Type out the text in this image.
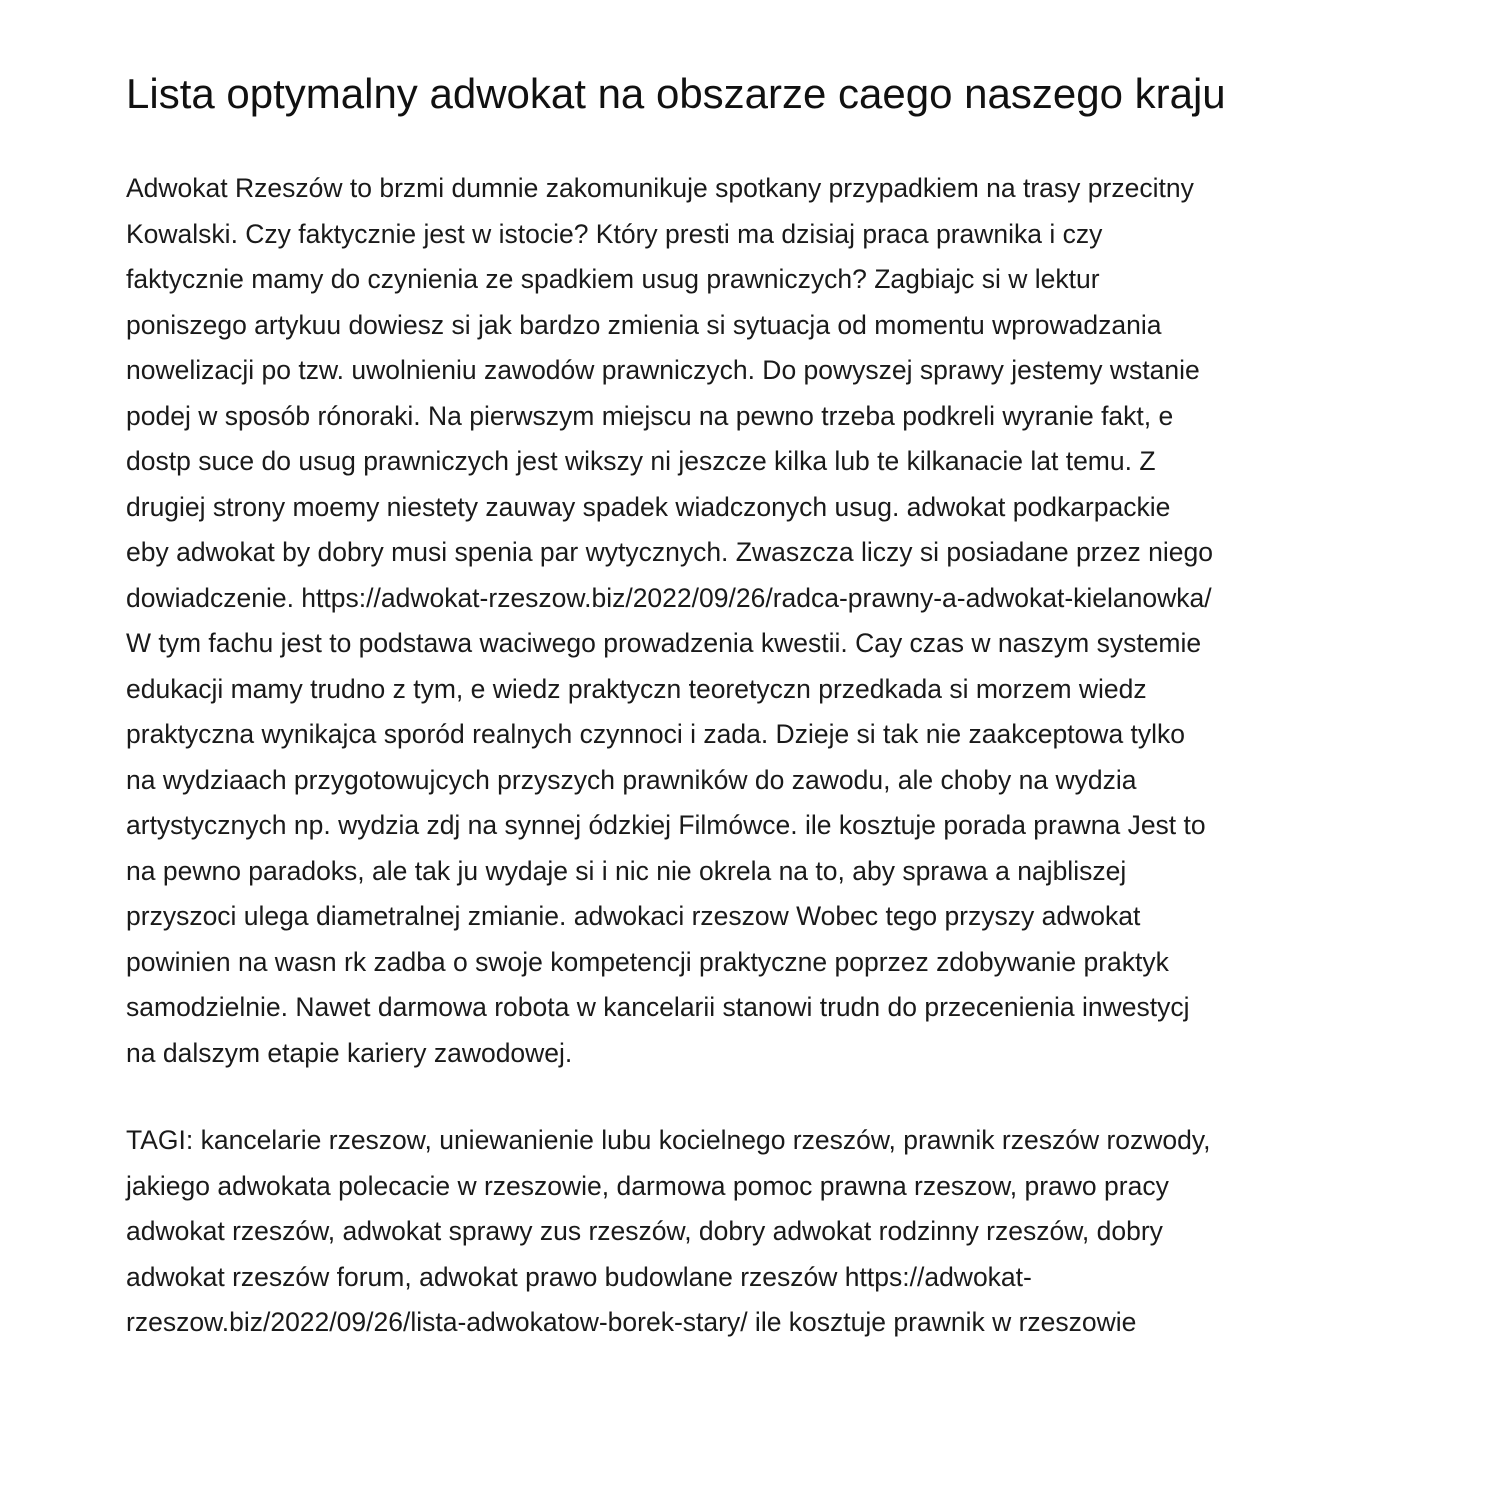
Lista optymalny adwokat na obszarze caego naszego kraju
Adwokat Rzeszów to brzmi dumnie zakomunikuje spotkany przypadkiem na trasy przecitny
Kowalski. Czy faktycznie jest w istocie? Który presti ma dzisiaj praca prawnika i czy
faktycznie mamy do czynienia ze spadkiem usug prawniczych? Zagbiajc si w lektur
poniszego artykuu dowiesz si jak bardzo zmienia si sytuacja od momentu wprowadzania
nowelizacji po tzw. uwolnieniu zawodów prawniczych. Do powyszej sprawy jestemy wstanie
podej w sposób rónoraki. Na pierwszym miejscu na pewno trzeba podkreli wyranie fakt, e
dostp suce do usug prawniczych jest wikszy ni jeszcze kilka lub te kilkanacie lat temu. Z
drugiej strony moemy niestety zauway spadek wiadczonych usug. adwokat podkarpackie
eby adwokat by dobry musi spenia par wytycznych. Zwaszcza liczy si posiadane przez niego
dowiadczenie. https://adwokat-rzeszow.biz/2022/09/26/radca-prawny-a-adwokat-kielanowka/
W tym fachu jest to podstawa waciwego prowadzenia kwestii. Cay czas w naszym systemie
edukacji mamy trudno z tym, e wiedz praktyczn teoretyczn przedkada si morzem wiedz
praktyczna wynikajca sporód realnych czynnoci i zada. Dzieje si tak nie zaakceptowa tylko
na wydziaach przygotowujcych przyszych prawników do zawodu, ale choby na wydzia
artystycznych np. wydzia zdj na synnej ódzkiej Filmówce. ile kosztuje porada prawna Jest to
na pewno paradoks, ale tak ju wydaje si i nic nie okrela na to, aby sprawa a najbliszej
przyszoci ulega diametralnej zmianie. adwokaci rzeszow Wobec tego przyszy adwokat
powinien na wasn rk zadba o swoje kompetencji praktyczne poprzez zdobywanie praktyk
samodzielnie. Nawet darmowa robota w kancelarii stanowi trudn do przecenienia inwestycj
na dalszym etapie kariery zawodowej.
TAGI: kancelarie rzeszow, uniewanienie lubu kocielnego rzeszów, prawnik rzeszów rozwody,
jakiego adwokata polecacie w rzeszowie, darmowa pomoc prawna rzeszow, prawo pracy
adwokat rzeszów, adwokat sprawy zus rzeszów, dobry adwokat rodzinny rzeszów, dobry
adwokat rzeszów forum, adwokat prawo budowlane rzeszów https://adwokat-
rzeszow.biz/2022/09/26/lista-adwokatow-borek-stary/ ile kosztuje prawnik w rzeszowie
